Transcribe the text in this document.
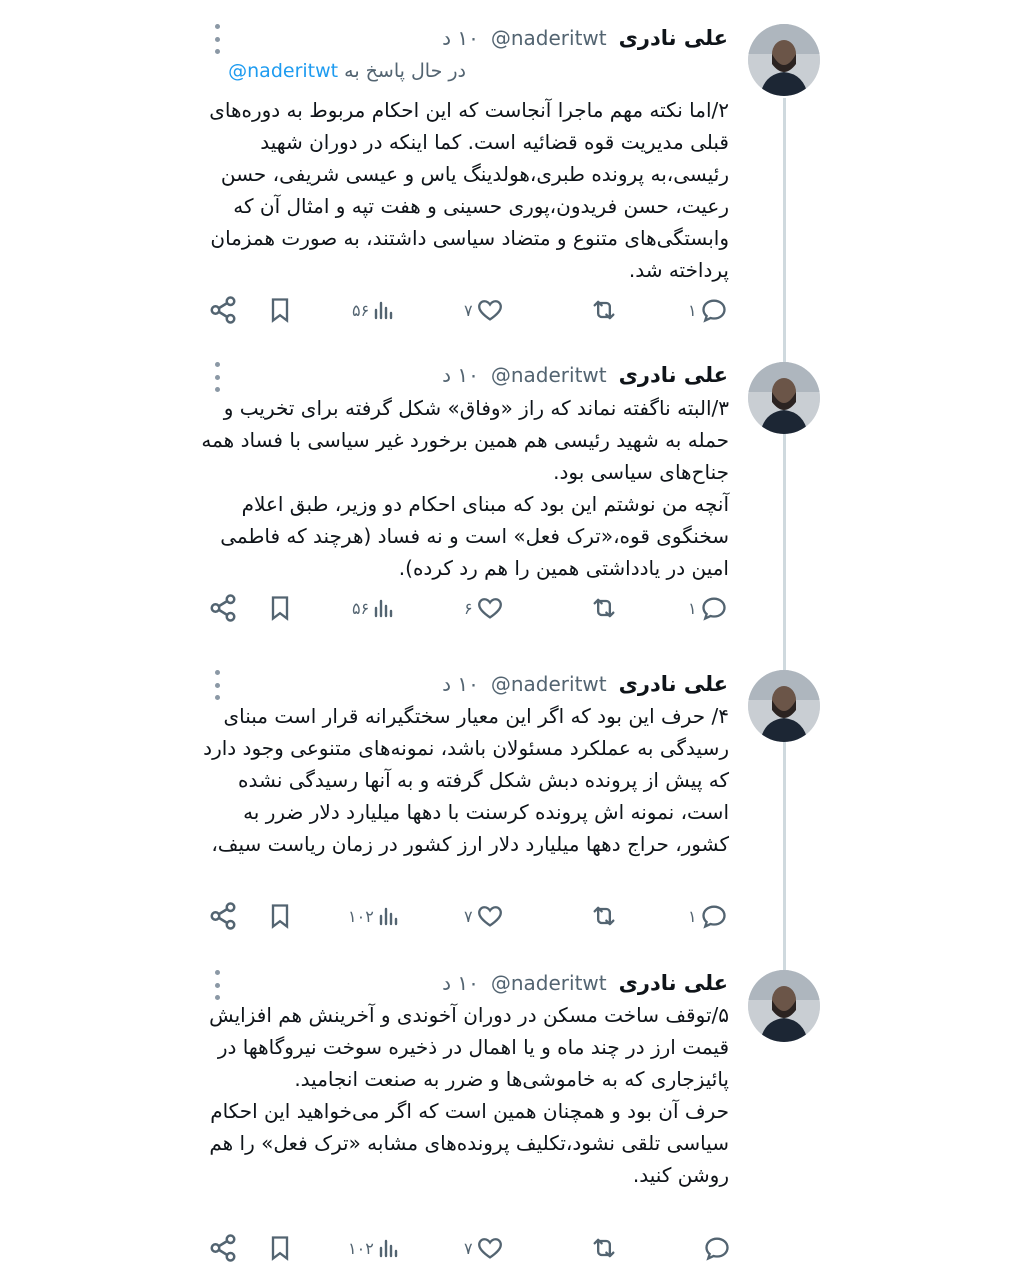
علی نادری
@naderitwt
۱۰ د
در حال پاسخ به @naderitwt

۲/اما نکته مهم ماجرا آنجاست که این احکام مربوط به دوره‌های قبلی مدیریت قوه قضائیه است. کما اینکه در دوران شهید رئیسی،به پرونده طبری،هولدینگ یاس و عیسی شریفی، حسن رعیت، حسن فریدون،پوری حسینی و هفت تپه و امثال آن که وابستگی‌های متنوع و متضاد سیاسی داشتند، به صورت همزمان پرداخته شد.

۵۶	۷	۱
علی نادری
@naderitwt
۱۰ د

۳/البته ناگفته نماند که راز «وفاق» شکل گرفته برای تخریب و حمله به شهید رئیسی هم همین برخورد غیر سیاسی با فساد همه جناح‌های سیاسی بود.

آنچه من نوشتم این بود که مبنای احکام دو وزیر، طبق اعلام سخنگوی قوه،«ترک فعل» است و نه فساد (هرچند که فاطمی امین در یادداشتی همین را هم رد کرده).

۵۶	۶	۱
علی نادری
@naderitwt
۱۰ د

۴/ حرف این بود که اگر این معیار سختگیرانه قرار است مبنای رسیدگی به عملکرد مسئولان باشد، نمونه‌های متنوعی وجود دارد که پیش از پرونده دبش شکل گرفته و به آنها رسیدگی نشده است، نمونه اش پرونده کرسنت با دهها میلیارد دلار ضرر به کشور، حراج دهها میلیارد دلار ارز کشور در زمان ریاست سیف،

۱۰۲	۷	۱
علی نادری
@naderitwt
۱۰ د

۵/توقف ساخت مسکن در دوران آخوندی و آخرینش هم افزایش قیمت ارز در چند ماه و یا اهمال در ذخیره سوخت نیروگاهها در پائیزجاری که به خاموشی‌ها و ضرر به صنعت انجامید.

حرف آن بود و همچنان همین است که اگر می‌خواهید این احکام سیاسی تلقی نشود،تکلیف پرونده‌های مشابه «ترک فعل» را هم روشن کنید.

۱۰۲	۷
